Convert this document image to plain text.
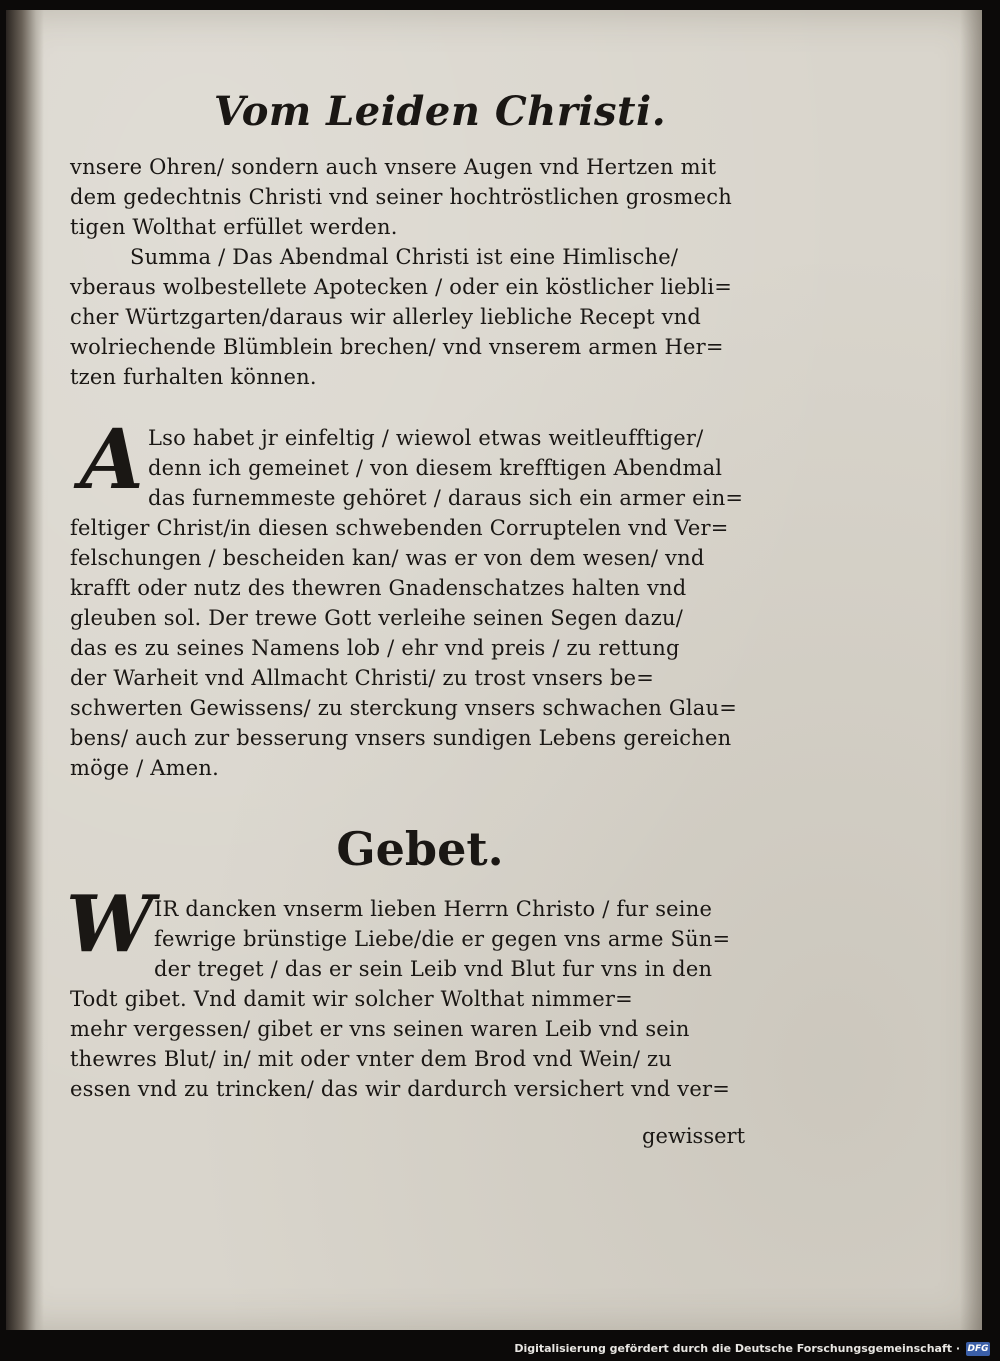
Vom Leiden Christi.
vnsere Ohren/ sondern auch vnsere Augen vnd Hertzen mit
dem gedechtnis Christi vnd seiner hochtröstlichen grosmech
tigen Wolthat erfüllet werden.
Summa / Das Abendmal Christi ist eine Himlische/
vberaus wolbestellete Apotecken / oder ein köstlicher liebli=
cher Würtzgarten/daraus wir allerley liebliche Recept vnd
wolriechende Blümblein brechen/ vnd vnserem armen Her=
tzen furhalten können.
A Lso habet jr einfeltig / wiewol etwas weitleufftiger/
denn ich gemeinet / von diesem krefftigen Abendmal
das furnemmeste gehöret / daraus sich ein armer ein=
feltiger Christ/in diesen schwebenden Corruptelen vnd Ver=
felschungen / bescheiden kan/ was er von dem wesen/ vnd
krafft oder nutz des thewren Gnadenschatzes halten vnd
gleuben sol. Der trewe Gott verleihe seinen Segen dazu/
das es zu seines Namens lob / ehr vnd preis / zu rettung
der Warheit vnd Allmacht Christi/ zu trost vnsers be=
schwerten Gewissens/ zu sterckung vnsers schwachen Glau=
bens/ auch zur besserung vnsers sundigen Lebens gereichen
möge / Amen.
Gebet.
W IR dancken vnserm lieben Herrn Christo / fur seine
fewrige brünstige Liebe/die er gegen vns arme Sün=
der treget / das er sein Leib vnd Blut fur vns in den
Todt gibet. Vnd damit wir solcher Wolthat nimmer=
mehr vergessen/ gibet er vns seinen waren Leib vnd sein
thewres Blut/ in/ mit oder vnter dem Brod vnd Wein/ zu
essen vnd zu trincken/ das wir dardurch versichert vnd ver=
gewissert
Digitalisierung gefördert durch die Deutsche Forschungsgemeinschaft · DFG
